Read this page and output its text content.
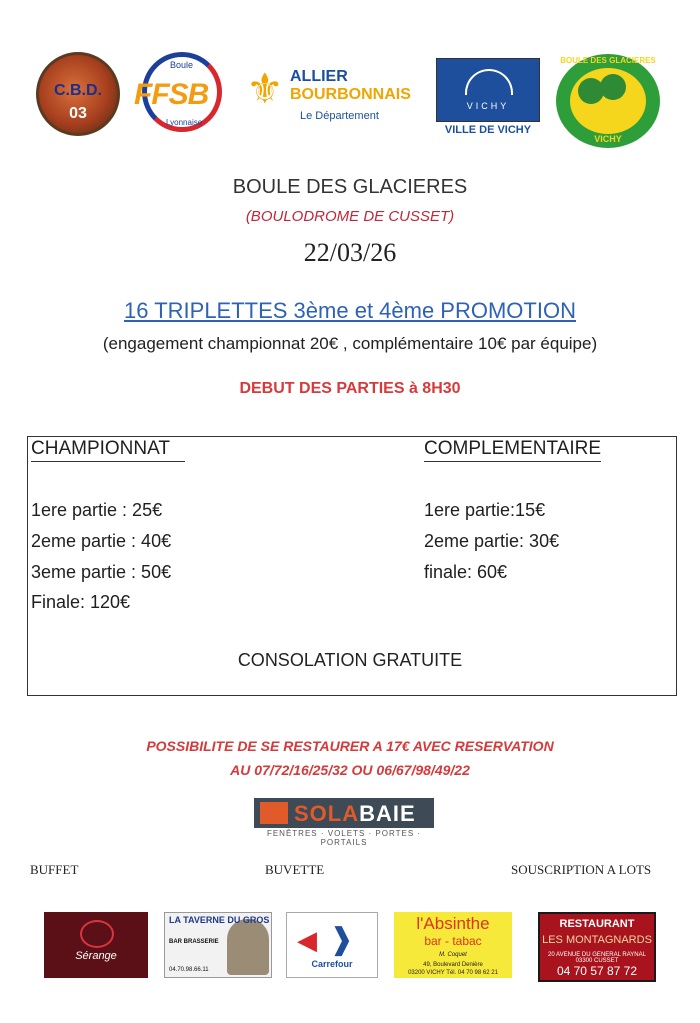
C.B.D.
03
Boule
FFSB
Lyonnaise
⚜ ALLIER
BOURBONNAIS
Le Département
VICHY
VILLE DE VICHY
BOULE DES GLACIERES
VICHY
BOULE DES GLACIERES
(BOULODROME DE CUSSET)
22/03/26
16 TRIPLETTES 3ème et 4ème PROMOTION
(engagement championnat 20€ , complémentaire 10€ par équipe)
DEBUT DES PARTIES à 8H30
CHAMPIONNAT	COMPLEMENTAIRE
1ere partie : 25€
2eme partie : 40€
3eme partie : 50€
Finale: 120€
1ere partie:15€
2eme partie: 30€
finale: 60€
CONSOLATION GRATUITE
POSSIBILITE DE SE RESTAURER A 17€ AVEC RESERVATION
AU 07/72/16/25/32 OU 06/67/98/49/22
SOLABAIE
FENÊTRES · VOLETS · PORTES · PORTAILS
BUFFET	BUVETTE	SOUSCRIPTION A LOTS
Sérange
LA TAVERNE DU GROS
BAR BRASSERIE
04.70.98.66.11
◀ ❱
Carrefour
l'Absinthe
bar - tabac
M. Coquet
49, Boulevard Denière
03200 VICHY Tél. 04 70 98 62 21
RESTAURANT
LES MONTAGNARDS
20 AVENUE DU GENERAL RAYNAL 03300 CUSSET
04 70 57 87 72
